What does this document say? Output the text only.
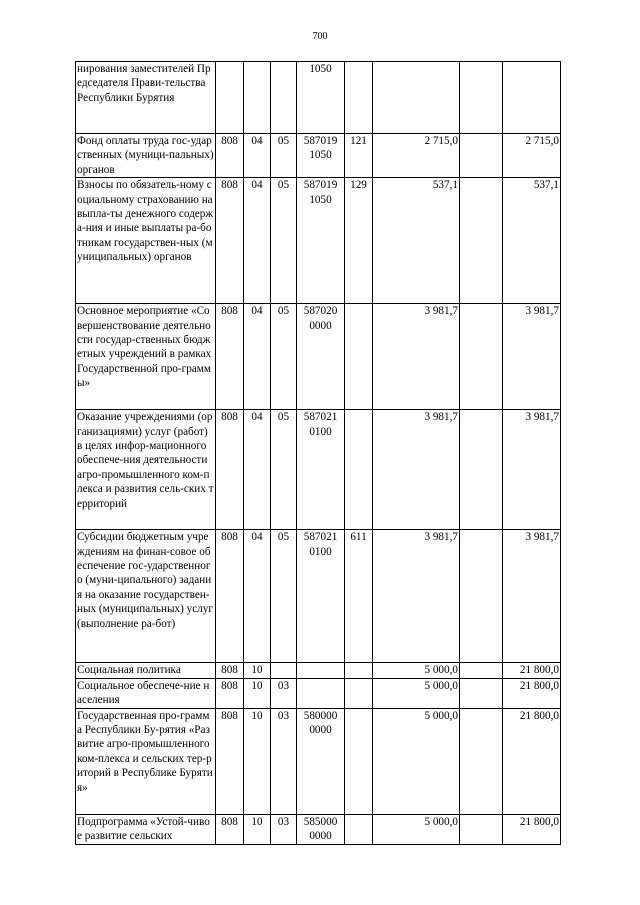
700
нирования заместителей Председателя Прави-тельства Республики Бурятия				1050				
Фонд оплаты труда гос-ударственных (муници-пальных) органов	808	04	05	587019 1050	121	2 715,0		2 715,0
Взносы по обязатель-ному социальному страхованию на выпла-ты денежного содержа-ния и иные выплаты ра-ботникам государствен-ных (муниципальных) органов	808	04	05	587019 1050	129	537,1		537,1
Основное мероприятие «Совершенствование деятельности государ-ственных бюджетных учреждений в рамках Государственной про-граммы»	808	04	05	587020 0000		3 981,7		3 981,7
Оказание учреждениями (организациями) услуг (работ) в целях инфор-мационного обеспече-ния деятельности агро-промышленного ком-плекса и развития сель-ских территорий	808	04	05	587021 0100		3 981,7		3 981,7
Субсидии бюджетным учреждениям на финан-совое обеспечение гос-ударственного (муни-ципального) задания на оказание государствен-ных (муниципальных) услуг (выполнение ра-бот)	808	04	05	587021 0100	611	3 981,7		3 981,7
Социальная политика	808	10				5 000,0		21 800,0
Социальное обеспече-ние населения	808	10	03			5 000,0		21 800,0
Государственная про-грамма Республики Бу-рятия «Развитие агро-промышленного ком-плекса и сельских тер-риторий в Республике Бурятия»	808	10	03	580000 0000		5 000,0		21 800,0
Подпрограмма «Устой-чивое развитие сельских	808	10	03	585000 0000		5 000,0		21 800,0
